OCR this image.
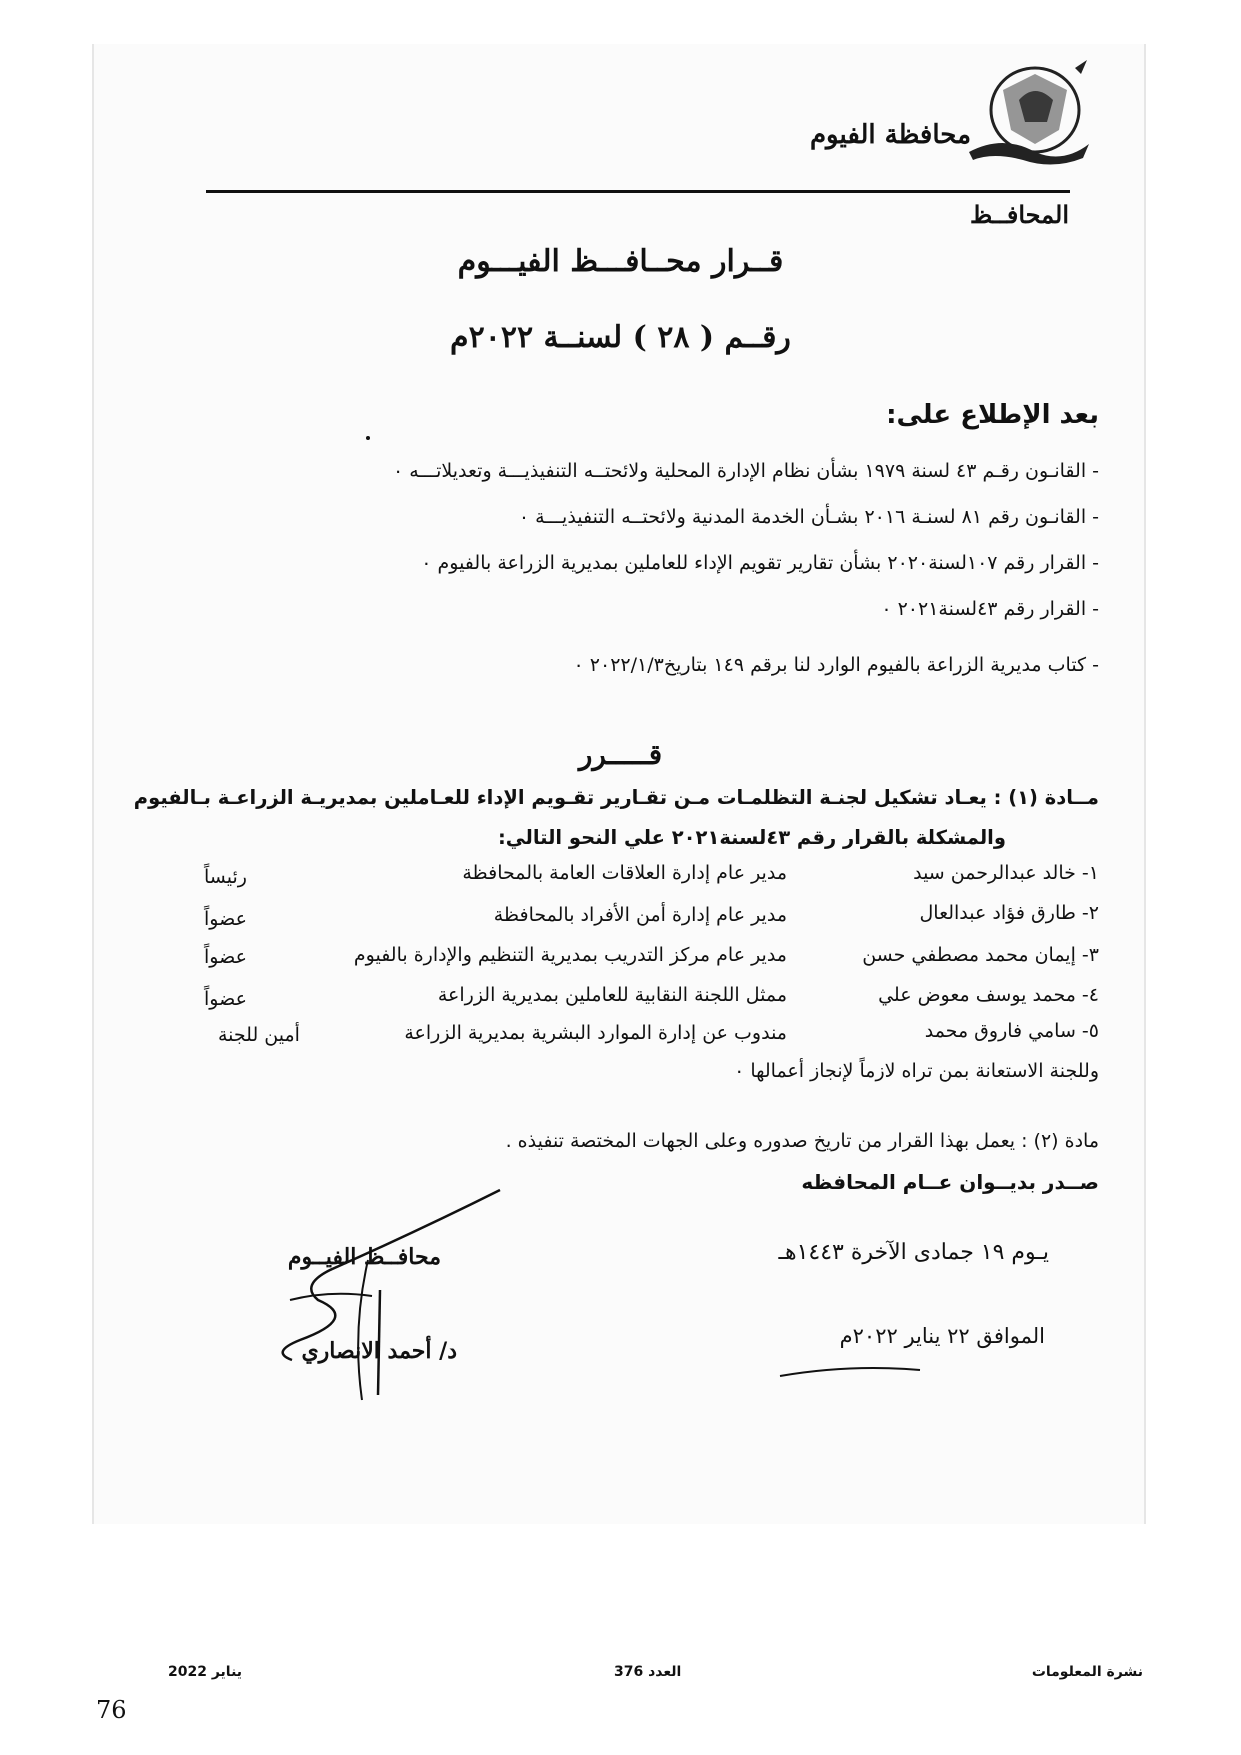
محافظة الفيوم
المحافــظ
قــرار محــافـــظ الفيـــوم
رقــم ( ٢٨ ) لسنــة ٢٠٢٢م
بعد الإطلاع على:
- القانـون رقـم ٤٣ لسنة ١٩٧٩ بشأن نظام الإدارة المحلية ولائحتــه التنفيذيـــة وتعديلاتـــه ٠
- القانـون رقم ٨١ لسنـة ٢٠١٦ بشـأن الخدمة المدنية ولائحتــه التنفيذيـــة ٠
- القرار رقم ١٠٧لسنة٢٠٢٠ بشأن تقارير تقويم الإداء للعاملين بمديرية الزراعة بالفيوم ٠
- القرار رقم ٤٣لسنة٢٠٢١ ٠
- كتاب مديرية الزراعة بالفيوم الوارد لنا برقم ١٤٩ بتاريخ٢٠٢٢/١/٣ ٠
قـــــرر
مــادة (١) : يعـاد تشكيل لجنـة التظلمـات مـن تقـارير تقـويم الإداء للعـاملين بمديريـة الزراعـة بـالفيوم
والمشكلة بالقرار رقم ٤٣لسنة٢٠٢١ علي النحو التالي:
١- خالد عبدالرحمن سيد
مدير عام إدارة العلاقات العامة بالمحافظة
رئيساً
٢- طارق فؤاد عبدالعال
مدير عام إدارة أمن الأفراد بالمحافظة
عضواً
٣- إيمان محمد مصطفي حسن
مدير عام مركز التدريب بمديرية التنظيم والإدارة بالفيوم
عضواً
٤- محمد يوسف معوض علي
ممثل اللجنة النقابية للعاملين بمديرية الزراعة
عضواً
٥- سامي فاروق محمد
مندوب عن إدارة الموارد البشرية بمديرية الزراعة
أمين للجنة
وللجنة الاستعانة بمن تراه لازماً لإنجاز أعمالها ٠
مادة (٢) : يعمل بهذا القرار من تاريخ صدوره وعلى الجهات المختصة تنفيذه .
صــدر بديــوان عــام المحافظه
محافــظ الفيــوم
د/ أحمد الانصاري
يـوم ١٩ جمادى الآخرة ١٤٤٣هـ
الموافق ٢٢ يناير ٢٠٢٢م
يناير 2022	العدد 376	نشرة المعلومات
76
